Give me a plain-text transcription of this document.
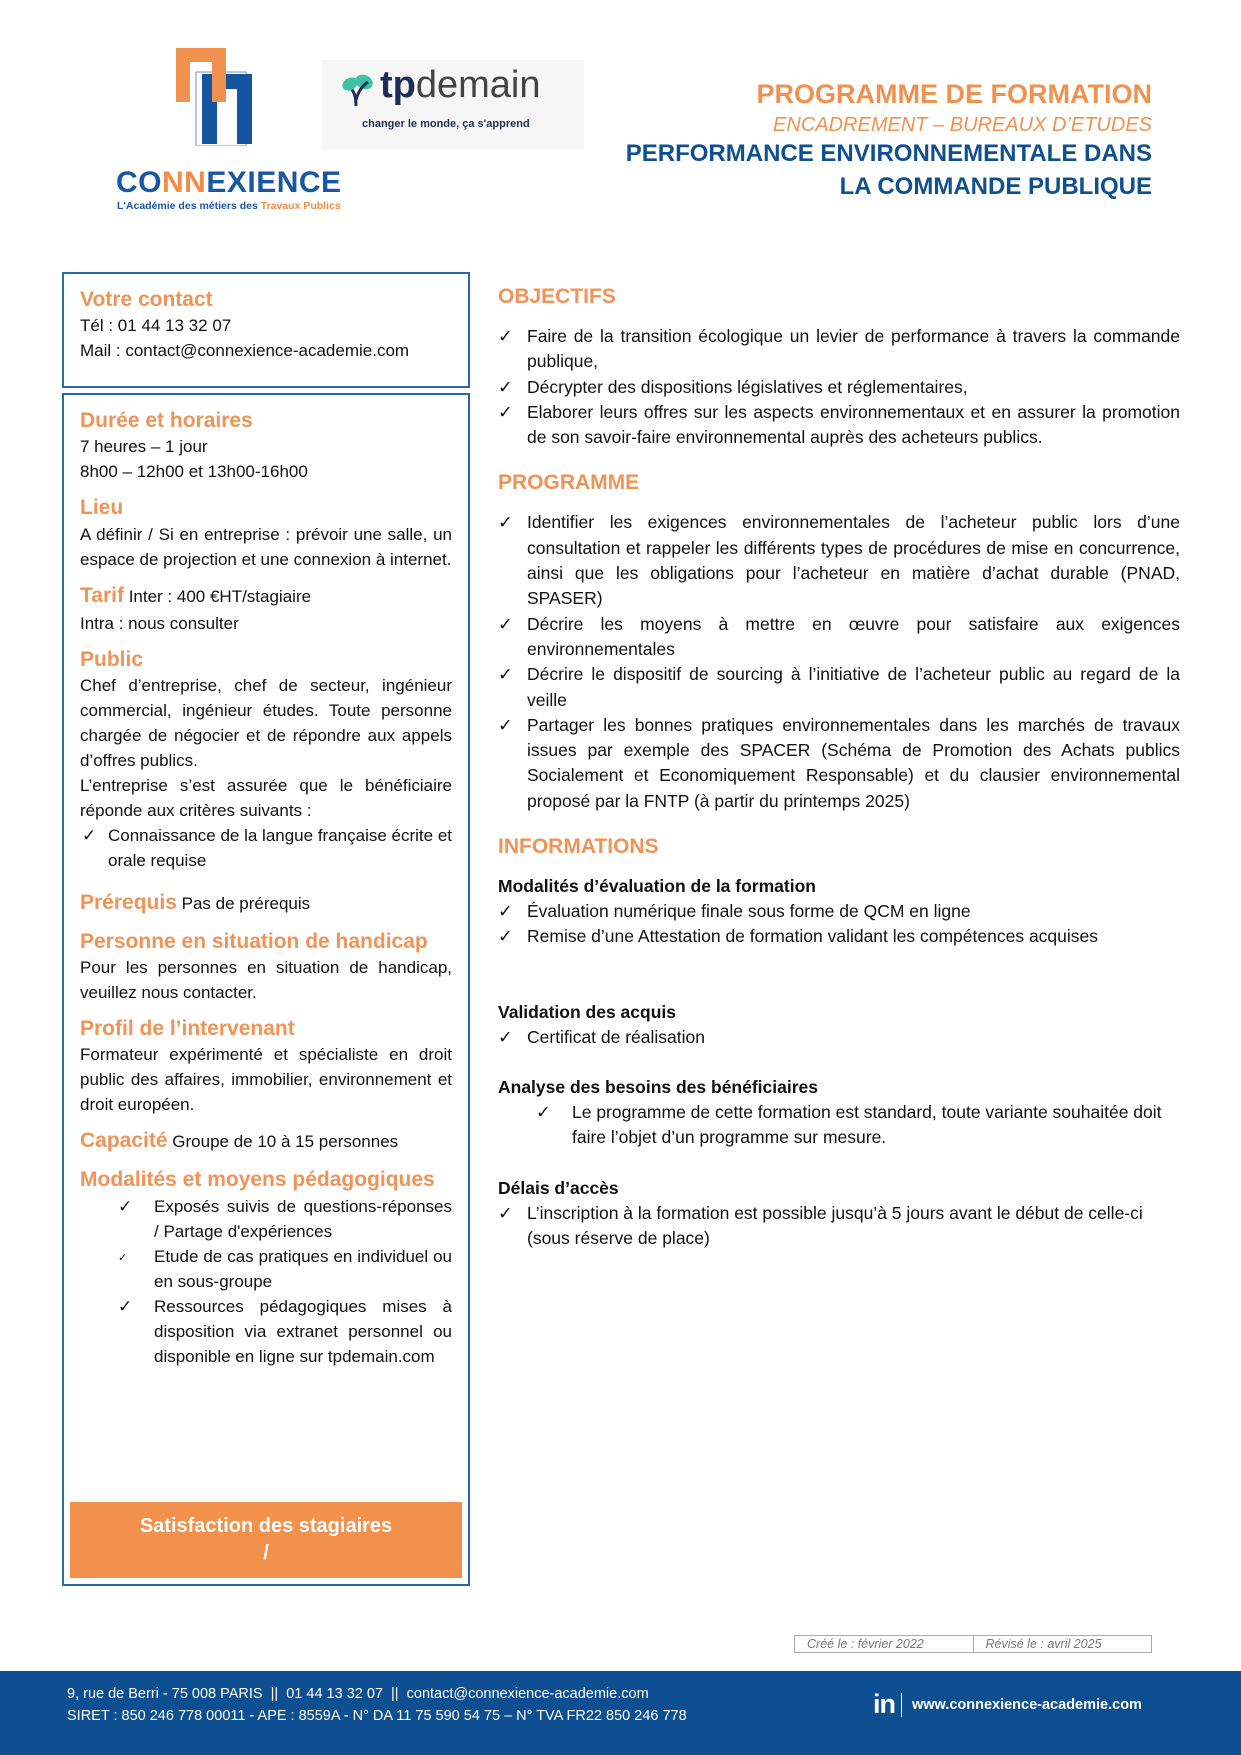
CONNEXIENCE
L'Académie des métiers des Travaux Publics
tpdemain
changer le monde, ça s'apprend
PROGRAMME DE FORMATION
ENCADREMENT – BUREAUX D’ETUDES
PERFORMANCE ENVIRONNEMENTALE DANS
LA COMMANDE PUBLIQUE
Votre contact
Tél : 01 44 13 32 07
Mail : contact@connexience-academie.com
Durée et horaires
7 heures – 1 jour
8h00 – 12h00 et 13h00-16h00
Lieu
A définir / Si en entreprise : prévoir une salle, un espace de projection et une connexion à internet.
Tarif Inter : 400 €HT/stagiaire
Intra : nous consulter
Public
Chef d’entreprise, chef de secteur, ingénieur commercial, ingénieur études. Toute personne chargée de négocier et de répondre aux appels d’offres publics.
L’entreprise s’est assurée que le bénéficiaire réponde aux critères suivants :
✓ Connaissance de la langue française écrite et orale requise
Prérequis Pas de prérequis
Personne en situation de handicap
Pour les personnes en situation de handicap, veuillez nous contacter.
Profil de l’intervenant
Formateur expérimenté et spécialiste en droit public des affaires, immobilier, environnement et droit européen.
Capacité Groupe de 10 à 15 personnes
Modalités et moyens pédagogiques
✓ Exposés suivis de questions-réponses / Partage d'expériences
✓ Etude de cas pratiques en individuel ou en sous-groupe
✓ Ressources pédagogiques mises à disposition via extranet personnel ou disponible en ligne sur tpdemain.com
Satisfaction des stagiaires
/
OBJECTIFS
✓ Faire de la transition écologique un levier de performance à travers la commande publique,
✓ Décrypter des dispositions législatives et réglementaires,
✓ Elaborer leurs offres sur les aspects environnementaux et en assurer la promotion de son savoir-faire environnemental auprès des acheteurs publics.
PROGRAMME
✓ Identifier les exigences environnementales de l’acheteur public lors d’une consultation et rappeler les différents types de procédures de mise en concurrence, ainsi que les obligations pour l’acheteur en matière d’achat durable (PNAD, SPASER)
✓ Décrire les moyens à mettre en œuvre pour satisfaire aux exigences environnementales
✓ Décrire le dispositif de sourcing à l’initiative de l’acheteur public au regard de la veille
✓ Partager les bonnes pratiques environnementales dans les marchés de travaux issues par exemple des SPACER (Schéma de Promotion des Achats publics Socialement et Economiquement Responsable) et du clausier environnemental proposé par la FNTP (à partir du printemps 2025)
INFORMATIONS
Modalités d’évaluation de la formation
✓ Évaluation numérique finale sous forme de QCM en ligne
✓ Remise d’une Attestation de formation validant les compétences acquises
Validation des acquis
✓ Certificat de réalisation
Analyse des besoins des bénéficiaires
✓ Le programme de cette formation est standard, toute variante souhaitée doit faire l’objet d’un programme sur mesure.
Délais d’accès
✓ L’inscription à la formation est possible jusqu’à 5 jours avant le début de celle-ci (sous réserve de place)
Créé le : février 2022	Révisé le : avril 2025
9, rue de Berri - 75 008 PARIS  ||  01 44 13 32 07  ||  contact@connexience-academie.com
SIRET : 850 246 778 00011 - APE : 8559A - N° DA 11 75 590 54 75 – N° TVA FR22 850 246 778	in www.connexience-academie.com
